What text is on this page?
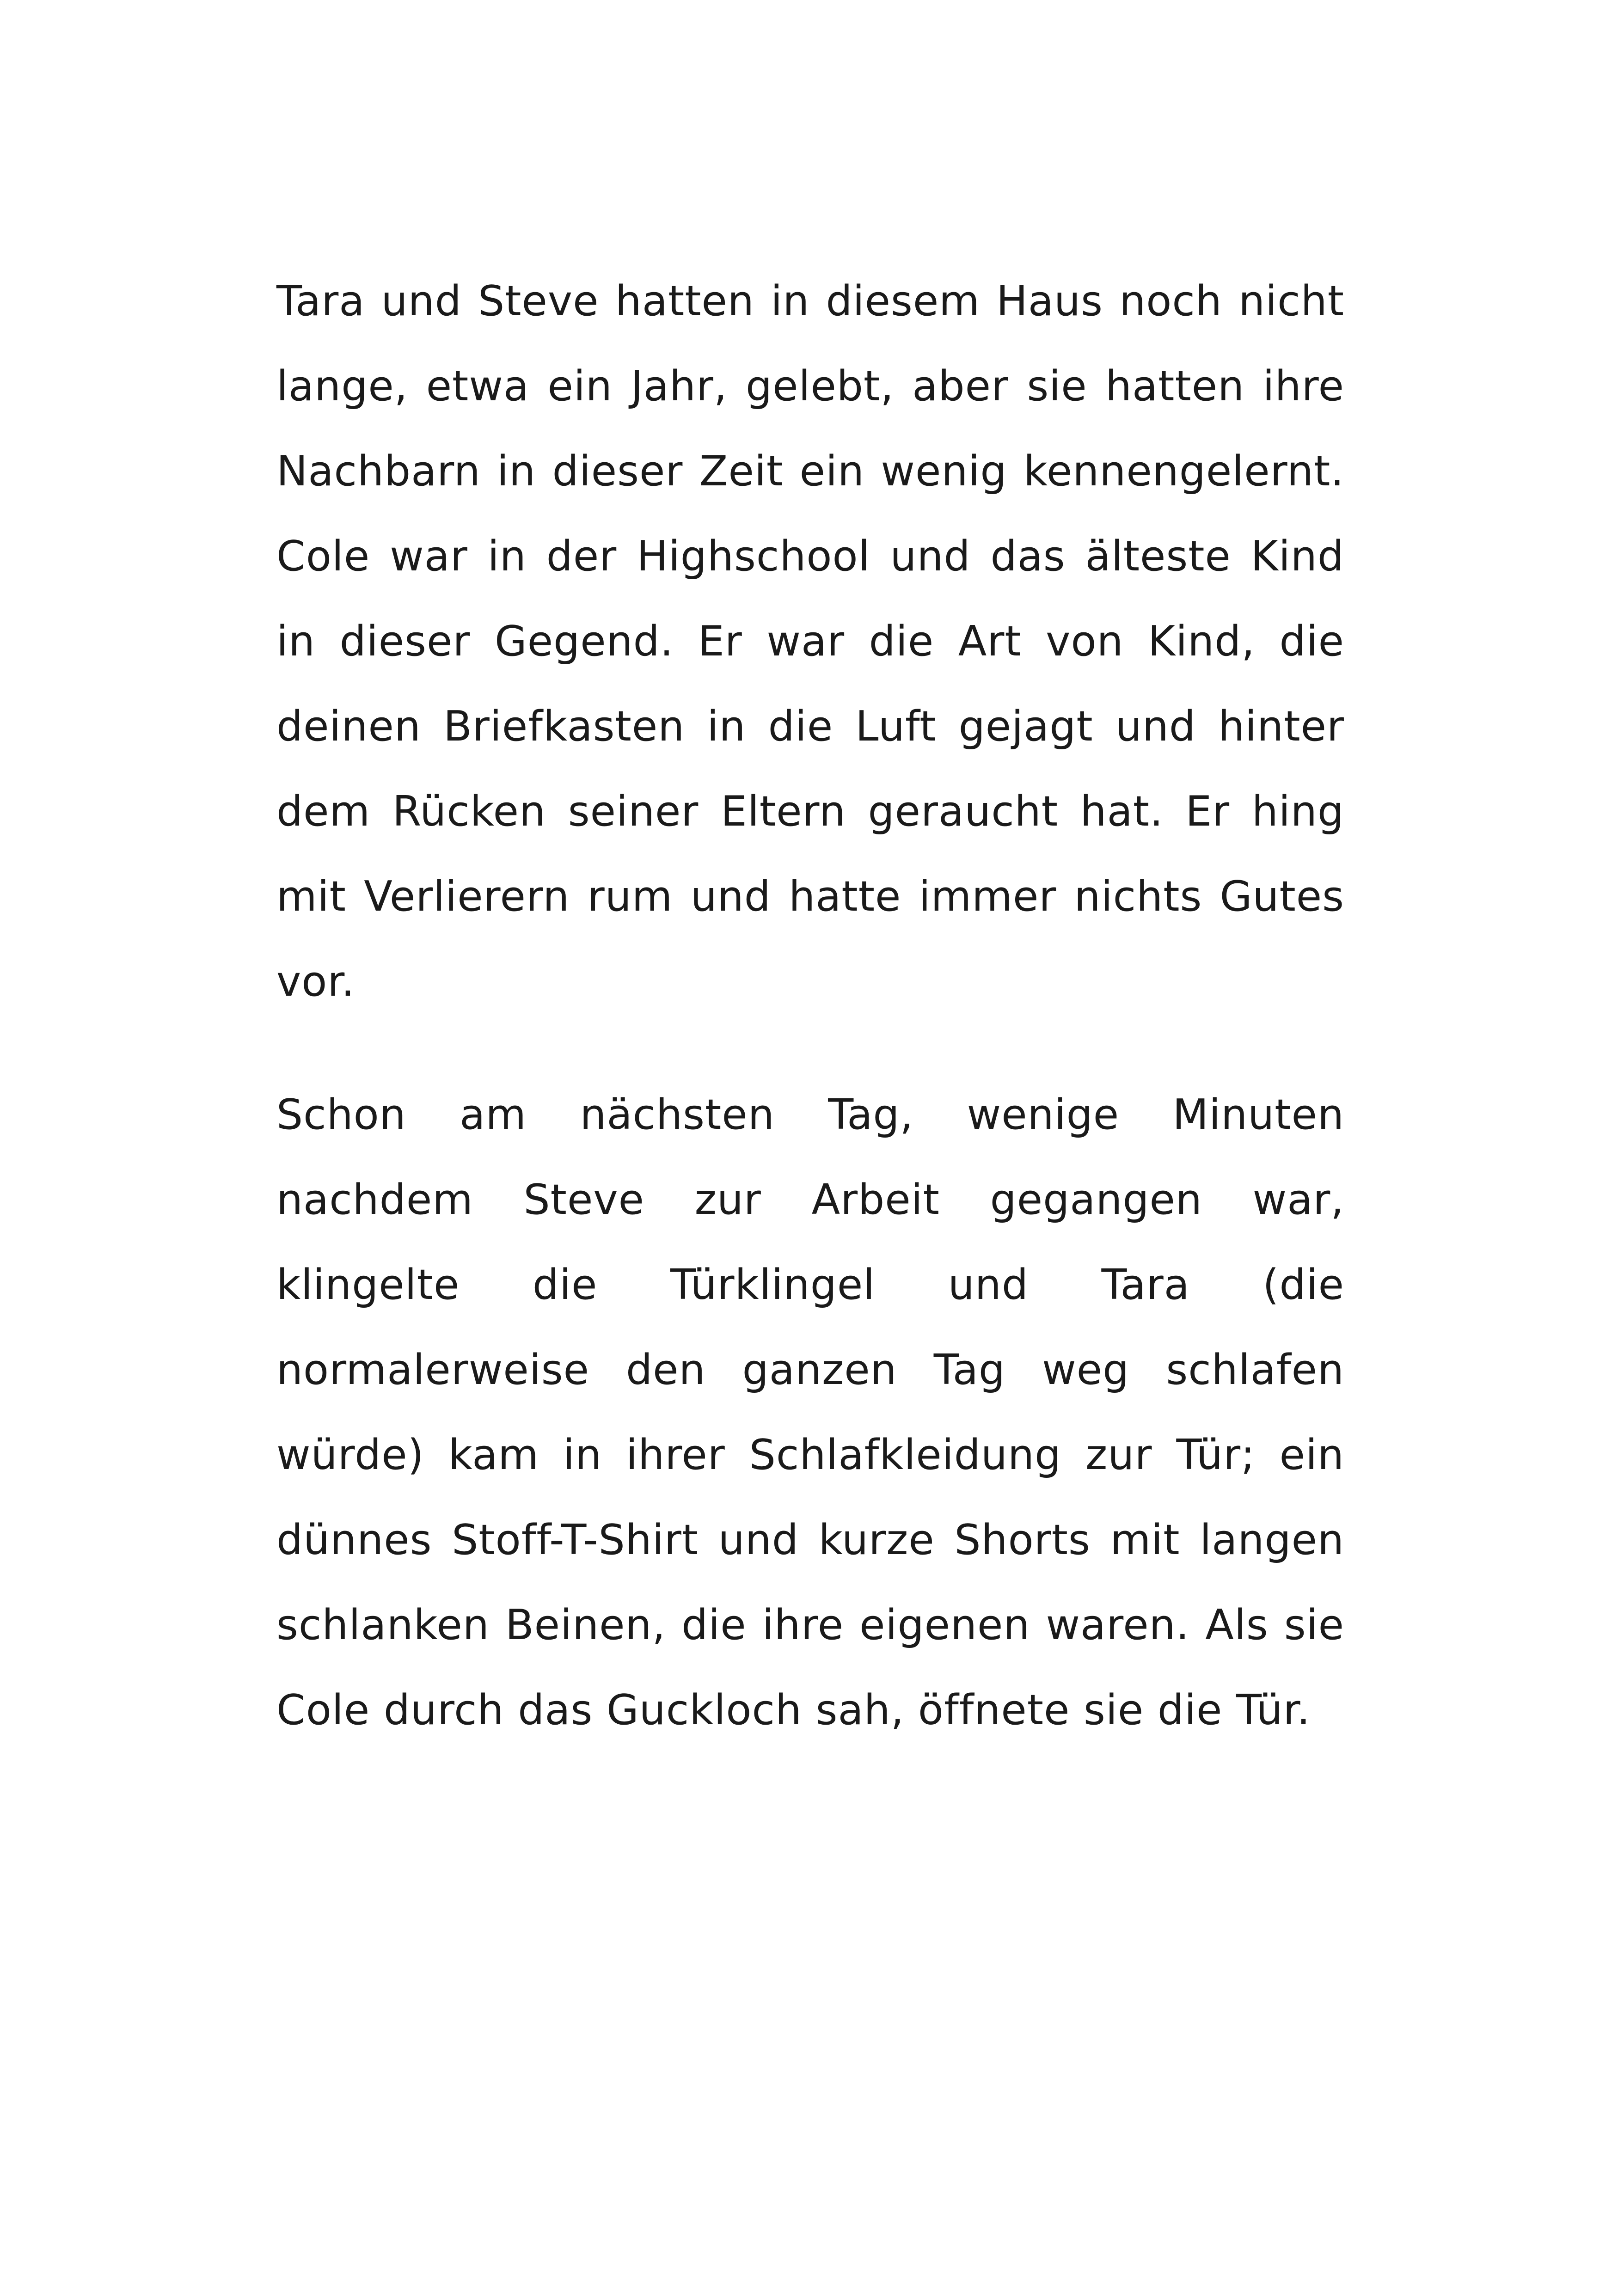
Tara und Steve hatten in diesem Haus noch nicht lange, etwa ein Jahr, gelebt, aber sie hatten ihre Nachbarn in dieser Zeit ein wenig kennengelernt. Cole war in der Highschool und das älteste Kind in dieser Gegend. Er war die Art von Kind, die deinen Briefkasten in die Luft gejagt und hinter dem Rücken seiner Eltern geraucht hat. Er hing mit Verlierern rum und hatte immer nichts Gutes vor.

Schon am nächsten Tag, wenige Minuten nachdem Steve zur Arbeit gegangen war, klingelte die Türklingel und Tara (die normalerweise den ganzen Tag weg schlafen würde) kam in ihrer Schlafkleidung zur Tür; ein dünnes Stoff-T-Shirt und kurze Shorts mit langen schlanken Beinen, die ihre eigenen waren. Als sie Cole durch das Guckloch sah, öffnete sie die Tür.
